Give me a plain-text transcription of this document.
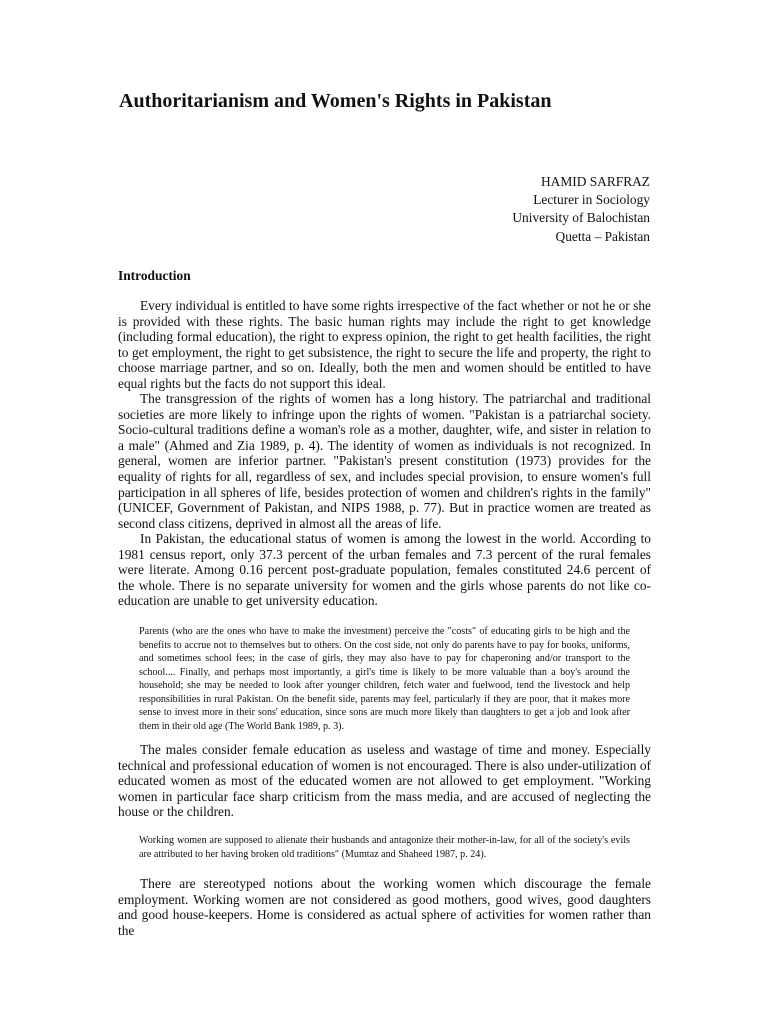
Authoritarianism and Women's Rights in Pakistan
HAMID SARFRAZ
Lecturer in Sociology
University of Balochistan
Quetta – Pakistan
Introduction

Every individual is entitled to have some rights irrespective of the fact whether or not he or she is provided with these rights. The basic human rights may include the right to get knowledge (including formal education), the right to express opinion, the right to get health facilities, the right to get employment, the right to get subsistence, the right to secure the life and property, the right to choose marriage partner, and so on. Ideally, both the men and women should be entitled to have equal rights but the facts do not support this ideal.

The transgression of the rights of women has a long history. The patriarchal and traditional societies are more likely to infringe upon the rights of women. "Pakistan is a patriarchal society. Socio-cultural traditions define a woman's role as a mother, daughter, wife, and sister in relation to a male" (Ahmed and Zia 1989, p. 4). The identity of women as individuals is not recognized. In general, women are inferior partner. "Pakistan's present constitution (1973) provides for the equality of rights for all, regardless of sex, and includes special provision, to ensure women's full participation in all spheres of life, besides protection of women and children's rights in the family" (UNICEF, Government of Pakistan, and NIPS 1988, p. 77). But in practice women are treated as second class citizens, deprived in almost all the areas of life.

In Pakistan, the educational status of women is among the lowest in the world. According to 1981 census report, only 37.3 percent of the urban females and 7.3 percent of the rural females were literate. Among 0.16 percent post-graduate population, females constituted 24.6 percent of the whole. There is no separate university for women and the girls whose parents do not like co-education are unable to get university education.

Parents (who are the ones who have to make the investment) perceive the "costs" of educating girls to be high and the benefits to accrue not to themselves but to others. On the cost side, not only do parents have to pay for books, uniforms, and sometimes school fees; in the case of girls, they may also have to pay for chaperoning and/or transport to the school.... Finally, and perhaps most importantly, a girl's time is likely to be more valuable than a boy's around the household; she may be needed to look after younger children, fetch water and fuelwood, tend the livestock and help responsibilities in rural Pakistan. On the benefit side, parents may feel, particularly if they are poor, that it makes more sense to invest more in their sons' education, since sons are much more likely than daughters to get a job and look after them in their old age (The World Bank 1989, p. 3).

The males consider female education as useless and wastage of time and money. Especially technical and professional education of women is not encouraged. There is also under-utilization of educated women as most of the educated women are not allowed to get employment. "Working women in particular face sharp criticism from the mass media, and are accused of neglecting the house or the children.

Working women are supposed to alienate their husbands and antagonize their mother-in-law, for all of the society's evils are attributed to her having broken old traditions" (Mumtaz and Shaheed 1987, p. 24).

There are stereotyped notions about the working women which discourage the female employment. Working women are not considered as good mothers, good wives, good daughters and good house-keepers. Home is considered as actual sphere of activities for women rather than the
